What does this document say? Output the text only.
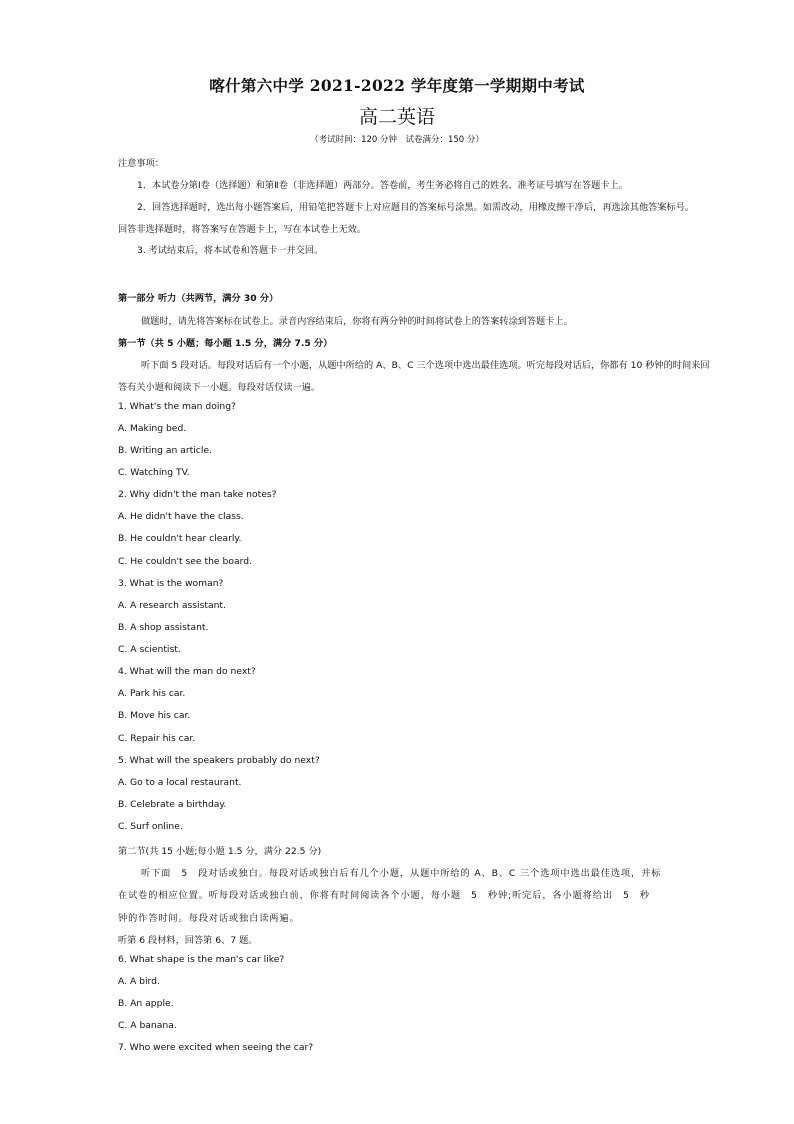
喀什第六中学 2021-2022 学年度第一学期期中考试
高二英语
（考试时间：120 分钟　试卷满分：150 分）
注意事项：
1．本试卷分第Ⅰ卷（选择题）和第Ⅱ卷（非选择题）两部分。答卷前，考生务必将自己的姓名、准考证号填写在答题卡上。
2．回答选择题时，选出每小题答案后，用铅笔把答题卡上对应题目的答案标号涂黑。如需改动，用橡皮擦干净后，再选涂其他答案标号。
回答非选择题时，将答案写在答题卡上，写在本试卷上无效。
3. 考试结束后，将本试卷和答题卡一并交回。
第一部分 听力（共两节，满分 30 分）
做题时，请先将答案标在试卷上。录音内容结束后，你将有两分钟的时间将试卷上的答案转涂到答题卡上。
第一节（共 5 小题；每小题 1.5 分，满分 7.5 分）
听下面 5 段对话。每段对话后有一个小题，从题中所给的 A、B、C 三个选项中选出最佳选项。听完每段对话后，你都有 10 秒钟的时间来回
答有关小题和阅读下一小题。每段对话仅读一遍。
1. What's the man doing?
A. Making bed.
B. Writing an article.
C. Watching TV.
2. Why didn't the man take notes?
A. He didn't have the class.
B. He couldn't hear clearly.
C. He couldn't see the board.
3. What is the woman?
A. A research assistant.
B. A shop assistant.
C. A scientist.
4. What will the man do next?
A. Park his car.
B. Move his car.
C. Repair his car.
5. What will the speakers probably do next?
A. Go to a local restaurant.
B. Celebrate a birthday.
C. Surf online.
第二节(共 15 小题;每小题 1.5 分，满分 22.5 分)
听下面　5　段对话或独白。每段对话或独白后有几个小题，从题中所给的 A、B、C 三个选项中选出最佳选项，并标
在试卷的相应位置。听每段对话或独白前，你将有时间阅读各个小题，每小题　5　秒钟;听完后，各小题将给出　5　秒
钟的作答时间。每段对话或独白读两遍。
听第 6 段材料，回答第 6、7 题。
6. What shape is the man's car like?
A. A bird.
B. An apple.
C. A banana.
7. Who were excited when seeing the car?
